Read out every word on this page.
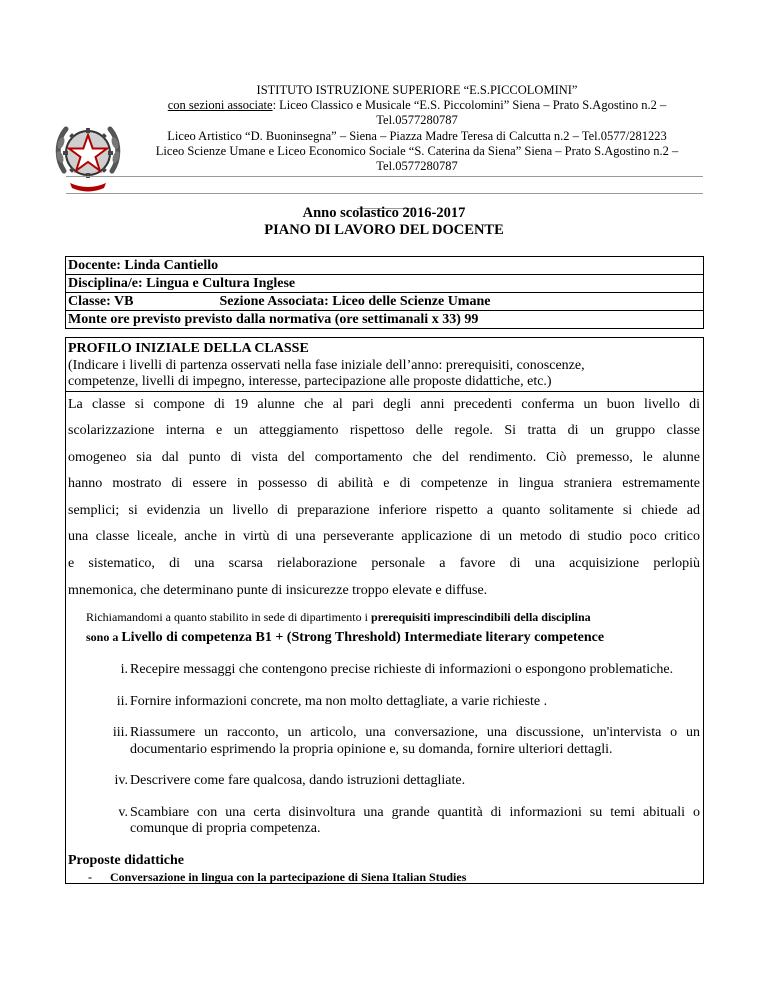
ISTITUTO ISTRUZIONE SUPERIORE “E.S.PICCOLOMINI”
con sezioni associate: Liceo Classico e Musicale “E.S. Piccolomini” Siena – Prato S.Agostino n.2 –
Tel.0577280787
Liceo Artistico “D. Buoninsegna” – Siena – Piazza Madre Teresa di Calcutta n.2 – Tel.0577/281223
Liceo Scienze Umane e Liceo Economico Sociale “S. Caterina da Siena” Siena – Prato S.Agostino n.2 –
Tel.0577280787
Anno scolastico 2016-2017
PIANO DI LAVORO DEL DOCENTE
Docente: Linda Cantiello
Disciplina/e: Lingua e Cultura Inglese
Classe: VB	Sezione Associata: Liceo delle Scienze Umane
Monte ore previsto previsto dalla normativa (ore settimanali x 33) 99
PROFILO INIZIALE DELLA CLASSE
(Indicare i livelli di partenza osservati nella fase iniziale dell’anno: prerequisiti, conoscenze,
competenze, livelli di impegno, interesse, partecipazione alle proposte didattiche, etc.)
La classe si compone di 19 alunne che al pari degli anni precedenti conferma un buon livello di
scolarizzazione interna e un atteggiamento rispettoso delle regole. Si tratta di un gruppo classe
omogeneo sia dal punto di vista del comportamento che del rendimento. Ciò premesso, le alunne
hanno mostrato di essere in possesso di abilità e di competenze in lingua straniera estremamente
semplici; si evidenzia un livello di preparazione inferiore rispetto a quanto solitamente si chiede ad
una classe liceale, anche in virtù di una perseverante applicazione di un metodo di studio poco critico
e sistematico, di una scarsa rielaborazione personale a favore di una acquisizione perlopiù
mnemonica, che determinano punte di insicurezze troppo elevate e diffuse.
Richiamandomi a quanto stabilito in sede di dipartimento i prerequisiti imprescindibili della disciplina
sono a Livello di competenza B1 + (Strong Threshold) Intermediate literary competence
i. Recepire messaggi che contengono precise richieste di informazioni o espongono problematiche.
ii. Fornire informazioni concrete, ma non molto dettagliate, a varie richieste .
iii. Riassumere un racconto, un articolo, una conversazione, una discussione, un'intervista o un documentario esprimendo la propria opinione e, su domanda, fornire ulteriori dettagli.
iv. Descrivere come fare qualcosa, dando istruzioni dettagliate.
v. Scambiare con una certa disinvoltura una grande quantità di informazioni su temi abituali o comunque di propria competenza.
Proposte didattiche
- Conversazione in lingua con la partecipazione di Siena Italian Studies
